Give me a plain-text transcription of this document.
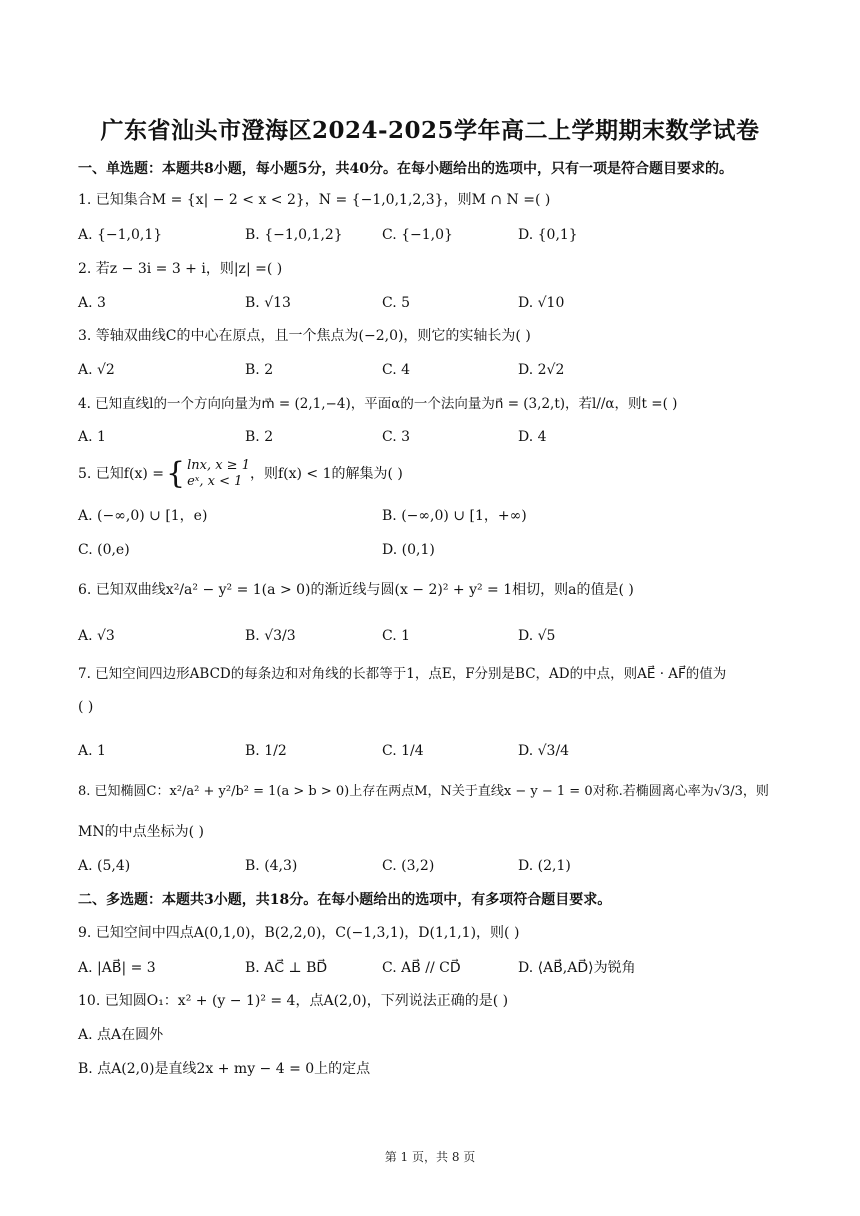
广东省汕头市澄海区2024-2025学年高二上学期期末数学试卷
一、单选题：本题共8小题，每小题5分，共40分。在每小题给出的选项中，只有一项是符合题目要求的。
1. 已知集合M = {x| − 2 < x < 2}，N = {−1,0,1,2,3}，则M ∩ N =( )
A. {−1,0,1}	B. {−1,0,1,2}	C. {−1,0}	D. {0,1}
2. 若z − 3i = 3 + i，则|z| =( )
A. 3	B. √13	C. 5	D. √10
3. 等轴双曲线C的中心在原点，且一个焦点为(−2,0)，则它的实轴长为( )
A. √2	B. 2	C. 4	D. 2√2
4. 已知直线l的一个方向向量为m⃗ = (2,1,−4)，平面α的一个法向量为n⃗ = (3,2,t)，若l//α，则t =( )
A. 1	B. 2	C. 3	D. 4
5. 已知f(x) = { lnx, x ≥ 1
eˣ, x < 1 ，则f(x) < 1的解集为( )
A. (−∞,0) ∪ [1，e)	B. (−∞,0) ∪ [1，+∞)
C. (0,e)	D. (0,1)
6. 已知双曲线x²/a² − y² = 1(a > 0)的渐近线与圆(x − 2)² + y² = 1相切，则a的值是( )
A. √3	B. √3/3	C. 1	D. √5
7. 已知空间四边形ABCD的每条边和对角线的长都等于1，点E，F分别是BC，AD的中点，则AE⃗ · AF⃗的值为
( )
A. 1	B. 1/2	C. 1/4	D. √3/4
8. 已知椭圆C：x²/a² + y²/b² = 1(a > b > 0)上存在两点M，N关于直线x − y − 1 = 0对称.若椭圆离心率为√3/3，则
MN的中点坐标为( )
A. (5,4)	B. (4,3)	C. (3,2)	D. (2,1)
二、多选题：本题共3小题，共18分。在每小题给出的选项中，有多项符合题目要求。
9. 已知空间中四点A(0,1,0)，B(2,2,0)，C(−1,3,1)，D(1,1,1)，则( )
A. |AB⃗| = 3	B. AC⃗ ⊥ BD⃗	C. AB⃗ // CD⃗	D. ⟨AB⃗,AD⃗⟩为锐角
10. 已知圆O₁：x² + (y − 1)² = 4，点A(2,0)，下列说法正确的是( )
A. 点A在圆外
B. 点A(2,0)是直线2x + my − 4 = 0上的定点
第 1 页，共 8 页
